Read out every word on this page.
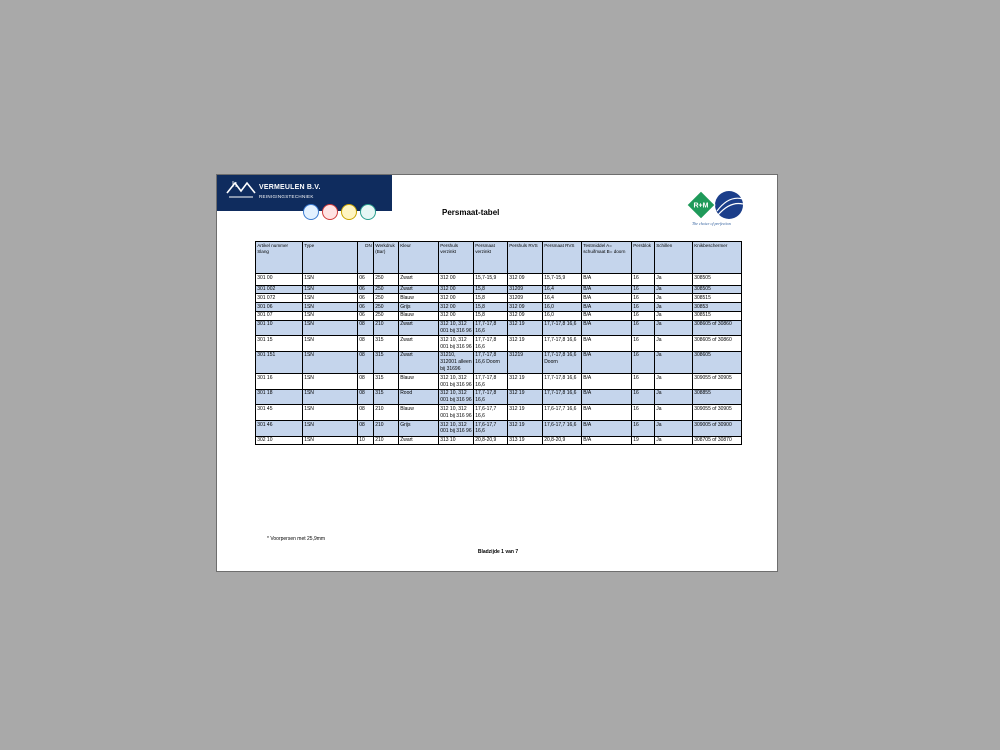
VERMEULEN B.V.
REINIGINGSTECHNIEK
Persmaat-tabel
R+M
The choice of perfection
Artikel nummer Slang	Type	DN	Werkdruk (Bar)	Kleur	Pershuls verzinkt	Persmaat verzinkt	Pershuls RVS	Persmaat RVS	Testmiddel A= schuifmaat B= doorn	Persblok	Schillen	Knikbeschermer
301 00	1SN	06	250	Zwart	312 00	15,7-15,9	312 09	15,7-15,9	B/A	16	Ja	308505
301 002	1SN	06	250	Zwart	312 00	15,8	31209	16,4	B/A	16	Ja	308505
301 072	1SN	06	250	Blauw	312 00	15,8	31209	16,4	B/A	16	Ja	308515
301 06	1SN	06	250	Grijs	312 00	15,8	312 09	16,0	B/A	16	Ja	30853
301 07	1SN	06	250	Blauw	312 00	15,8	312 09	16,0	B/A	16	Ja	308515
301 10	1SN	08	210	Zwart	312 10, 312 001 bij 316 96	17,7-17,8 16,6	312 19	17,7-17,8 16,6	B/A	16	Ja	308605 of 30860
301 15	1SN	08	315	Zwart	312 10, 312 001 bij 316 96	17,7-17,8 16,6	312 19	17,7-17,8 16,6	B/A	16	Ja	308605 of 30860
301 151	1SN	08	315	Zwart	31210, 312001 alleen bij 31696	17,7-17,8 16,6 Doorn	31219	17,7-17,8 16,6 Doorn	B/A	16	Ja	308605
301 16	1SN	08	315	Blauw	312 10, 312 001 bij 316 96	17,7-17,8 16,6	312 19	17,7-17,8 16,6	B/A	16	Ja	309055 of 30905
301 18	1SN	08	315	Rood	312 10, 312 001 bij 316 96	17,7-17,8 16,6	312 19	17,7-17,8 16,6	B/A	16	Ja	308855
301 45	1SN	08	210	Blauw	312 10, 312 001 bij 316 96	17,6-17,7 16,6	312 19	17,6-17,7 16,6	B/A	16	Ja	309055 of 30905
301 46	1SN	08	210	Grijs	312 10, 312 001 bij 316 96	17,6-17,7 16,6	312 19	17,6-17,7 16,6	B/A	16	Ja	309005 of 30900
302 10	1SN	10	210	Zwart	313 10	20,8-20,9	313 19	20,8-20,9	B/A	19	Ja	308705 of 30870
* Voorpersen met 25,9mm
Bladzijde 1 van 7
